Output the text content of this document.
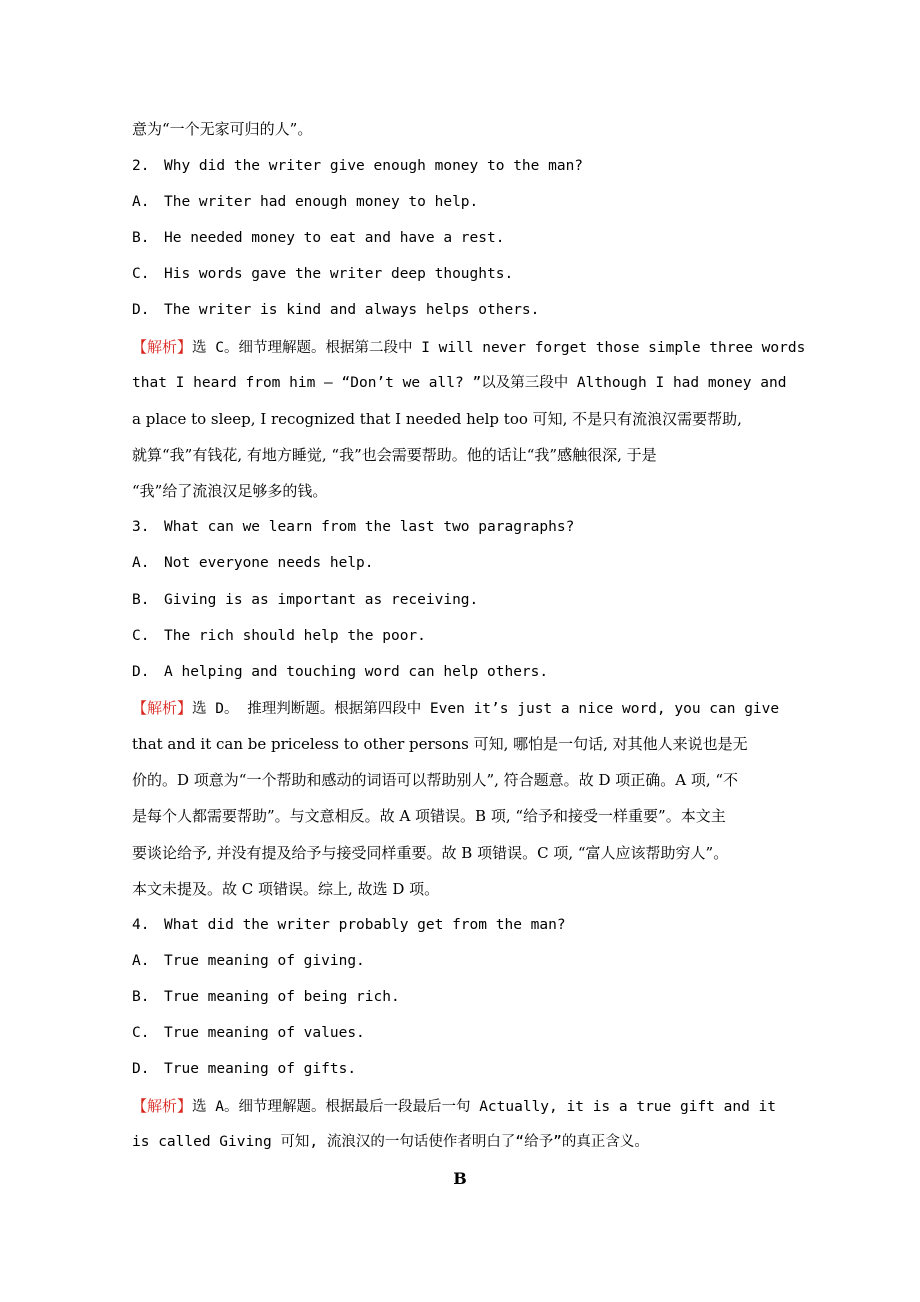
意为“一个无家可归的人”。
2. Why did the writer give enough money to the man?
A. The writer had enough money to help.
B. He needed money to eat and have a rest.
C. His words gave the writer deep thoughts.
D. The writer is kind and always helps others.
【解析】选 C。细节理解题。根据第二段中 I will never forget those simple three words
that I heard from him — “Don’t we all? ”以及第三段中 Although I had money and
a place to sleep, I recognized that I needed help too 可知, 不是只有流浪汉需要帮助,
就算“我”有钱花, 有地方睡觉, “我”也会需要帮助。他的话让“我”感触很深, 于是
“我”给了流浪汉足够多的钱。
3. What can we learn from the last two paragraphs?
A. Not everyone needs help.
B. Giving is as important as receiving.
C. The rich should help the poor.
D. A helping and touching word can help others.
【解析】选 D。 推理判断题。根据第四段中 Even it’s just a nice word, you can give
that and it can be priceless to other persons 可知, 哪怕是一句话, 对其他人来说也是无
价的。D 项意为“一个帮助和感动的词语可以帮助别人”, 符合题意。故 D 项正确。A 项, “不
是每个人都需要帮助”。与文意相反。故 A 项错误。B 项, “给予和接受一样重要”。本文主
要谈论给予, 并没有提及给予与接受同样重要。故 B 项错误。C 项, “富人应该帮助穷人”。
本文未提及。故 C 项错误。综上, 故选 D 项。
4. What did the writer probably get from the man?
A. True meaning of giving.
B. True meaning of being rich.
C. True meaning of values.
D. True meaning of gifts.
【解析】选 A。细节理解题。根据最后一段最后一句 Actually, it is a true gift and it
is called Giving 可知, 流浪汉的一句话使作者明白了“给予”的真正含义。
B
